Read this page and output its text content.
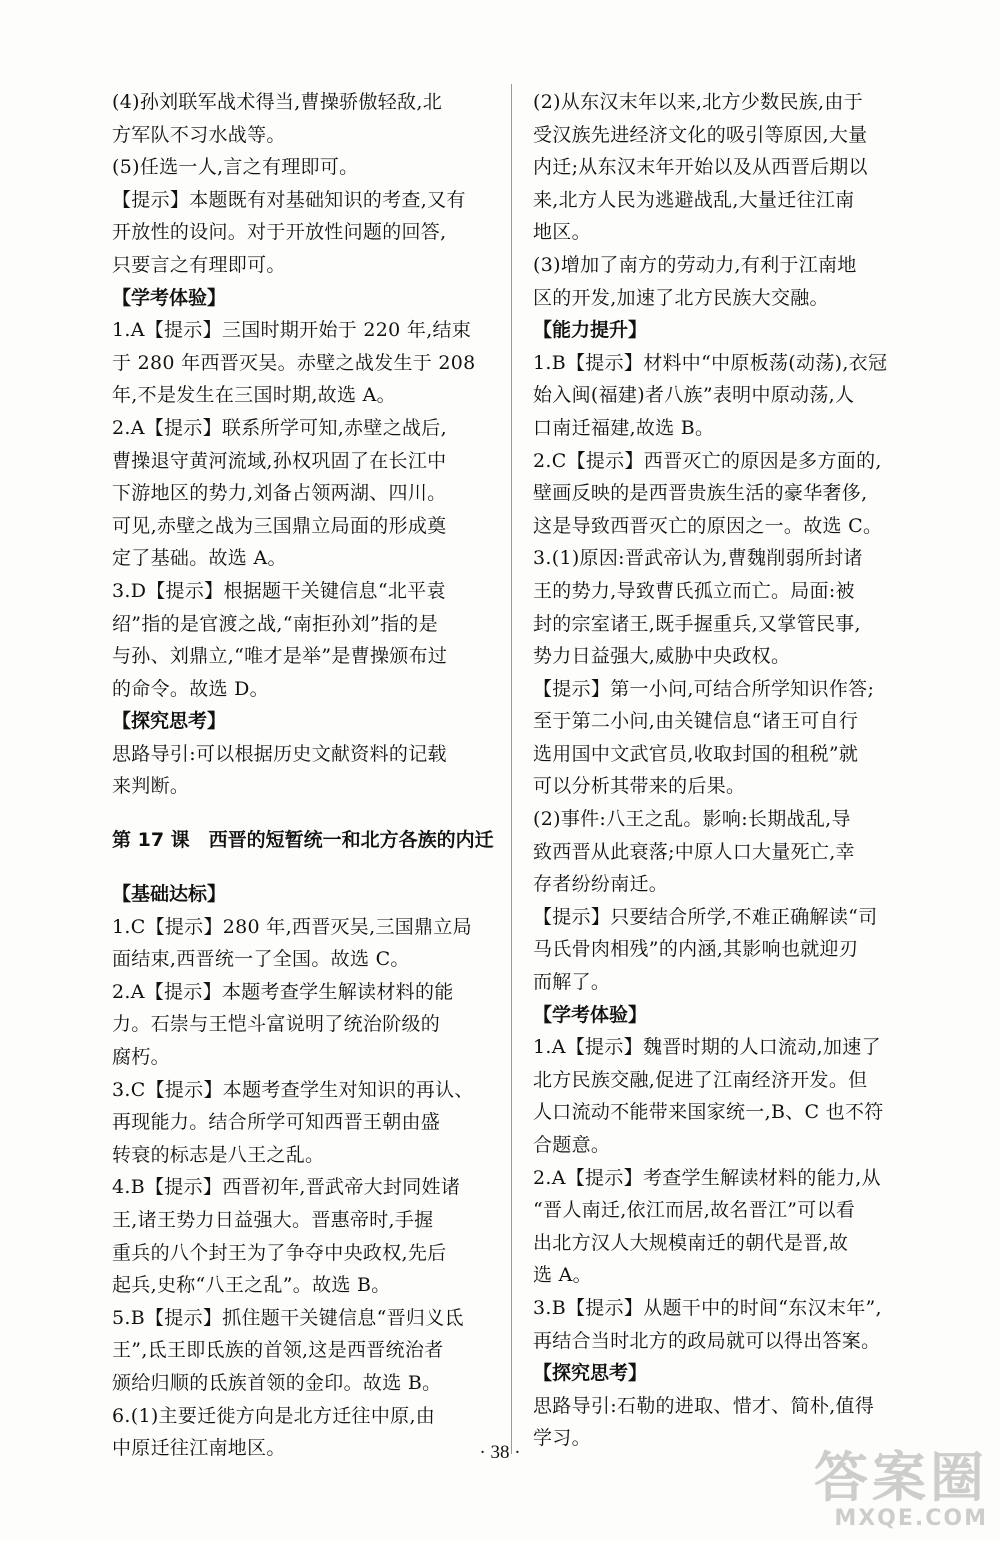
(4)孙刘联军战术得当,曹操骄傲轻敌,北
方军队不习水战等。
(5)任选一人,言之有理即可。
【提示】本题既有对基础知识的考查,又有
开放性的设问。对于开放性问题的回答,
只要言之有理即可。
【学考体验】
1.A【提示】三国时期开始于 220 年,结束
于 280 年西晋灭吴。赤壁之战发生于 208
年,不是发生在三国时期,故选 A。
2.A【提示】联系所学可知,赤壁之战后,
曹操退守黄河流域,孙权巩固了在长江中
下游地区的势力,刘备占领两湖、四川。
可见,赤壁之战为三国鼎立局面的形成奠
定了基础。故选 A。
3.D【提示】根据题干关键信息“北平袁
绍”指的是官渡之战,“南拒孙刘”指的是
与孙、刘鼎立,“唯才是举”是曹操颁布过
的命令。故选 D。
【探究思考】
思路导引:可以根据历史文献资料的记载
来判断。
第 17 课　西晋的短暂统一和北方各族的内迁
【基础达标】
1.C【提示】280 年,西晋灭吴,三国鼎立局
面结束,西晋统一了全国。故选 C。
2.A【提示】本题考查学生解读材料的能
力。石崇与王恺斗富说明了统治阶级的
腐朽。
3.C【提示】本题考查学生对知识的再认、
再现能力。结合所学可知西晋王朝由盛
转衰的标志是八王之乱。
4.B【提示】西晋初年,晋武帝大封同姓诸
王,诸王势力日益强大。晋惠帝时,手握
重兵的八个封王为了争夺中央政权,先后
起兵,史称“八王之乱”。故选 B。
5.B【提示】抓住题干关键信息“晋归义氐
王”,氐王即氐族的首领,这是西晋统治者
颁给归顺的氐族首领的金印。故选 B。
6.(1)主要迁徙方向是北方迁往中原,由
中原迁往江南地区。
(2)从东汉末年以来,北方少数民族,由于
受汉族先进经济文化的吸引等原因,大量
内迁;从东汉末年开始以及从西晋后期以
来,北方人民为逃避战乱,大量迁往江南
地区。
(3)增加了南方的劳动力,有利于江南地
区的开发,加速了北方民族大交融。
【能力提升】
1.B【提示】材料中“中原板荡(动荡),衣冠
始入闽(福建)者八族”表明中原动荡,人
口南迁福建,故选 B。
2.C【提示】西晋灭亡的原因是多方面的,
壁画反映的是西晋贵族生活的豪华奢侈,
这是导致西晋灭亡的原因之一。故选 C。
3.(1)原因:晋武帝认为,曹魏削弱所封诸
王的势力,导致曹氏孤立而亡。局面:被
封的宗室诸王,既手握重兵,又掌管民事,
势力日益强大,威胁中央政权。
【提示】第一小问,可结合所学知识作答;
至于第二小问,由关键信息“诸王可自行
选用国中文武官员,收取封国的租税”就
可以分析其带来的后果。
(2)事件:八王之乱。影响:长期战乱,导
致西晋从此衰落;中原人口大量死亡,幸
存者纷纷南迁。
【提示】只要结合所学,不难正确解读“司
马氏骨肉相残”的内涵,其影响也就迎刃
而解了。
【学考体验】
1.A【提示】魏晋时期的人口流动,加速了
北方民族交融,促进了江南经济开发。但
人口流动不能带来国家统一,B、C 也不符
合题意。
2.A【提示】考查学生解读材料的能力,从
“晋人南迁,依江而居,故名晋江”可以看
出北方汉人大规模南迁的朝代是晋,故
选 A。
3.B【提示】从题干中的时间“东汉末年”,
再结合当时北方的政局就可以得出答案。
【探究思考】
思路导引:石勒的进取、惜才、简朴,值得
学习。
· 38 ·	答案圈
MXQE.COM
